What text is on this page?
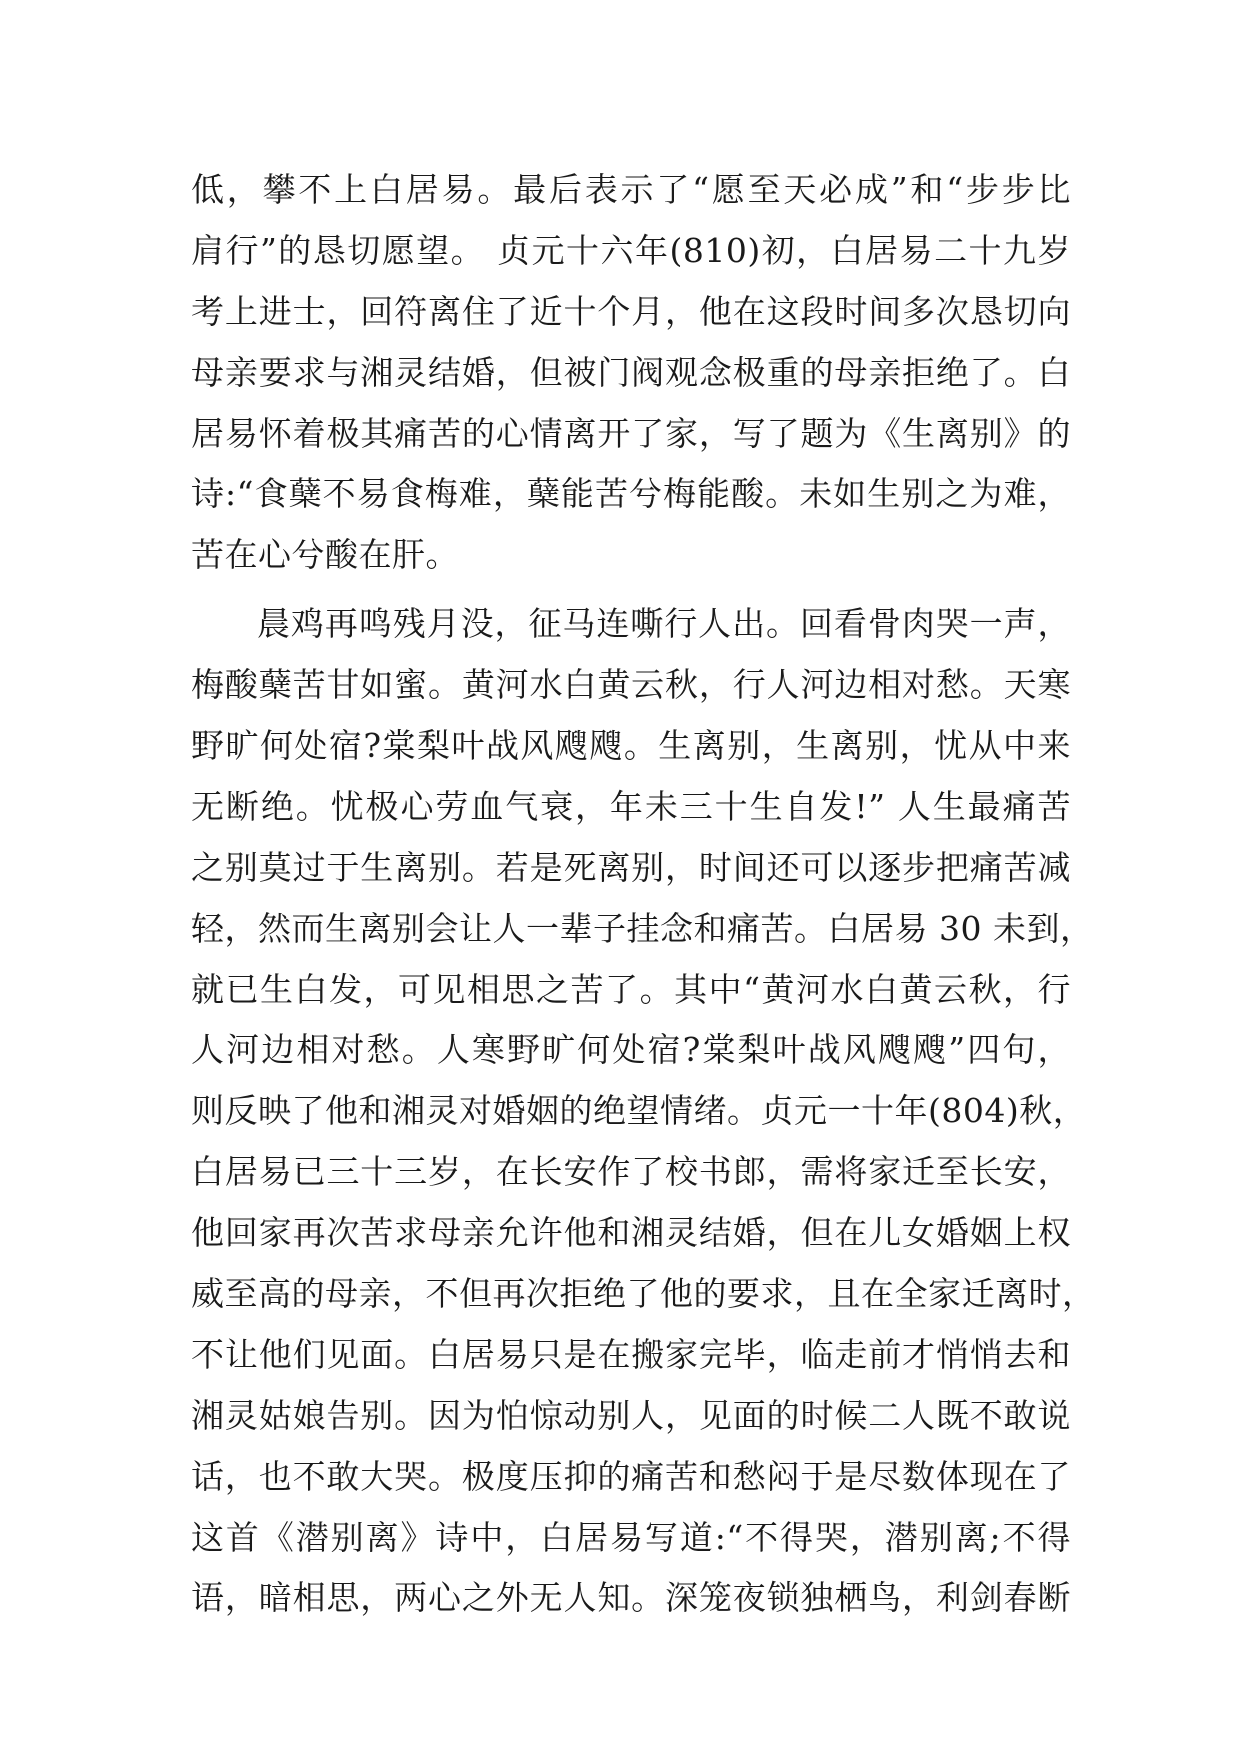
低，攀不上白居易。最后表示了“愿至天必成”和“步步比
肩行”的恳切愿望。 贞元十六年(810)初，白居易二十九岁
考上进士，回符离住了近十个月，他在这段时间多次恳切向
母亲要求与湘灵结婚，但被门阀观念极重的母亲拒绝了。白
居易怀着极其痛苦的心情离开了家，写了题为《生离别》的
诗:“食蘖不易食梅难，蘖能苦兮梅能酸。未如生别之为难，
苦在心兮酸在肝。
晨鸡再鸣残月没，征马连嘶行人出。回看骨肉哭一声，
梅酸蘖苦甘如蜜。黄河水白黄云秋，行人河边相对愁。天寒
野旷何处宿?棠梨叶战风飕飕。生离别，生离别，忧从中来
无断绝。忧极心劳血气衰，年未三十生自发!” 人生最痛苦
之别莫过于生离别。若是死离别，时间还可以逐步把痛苦减
轻，然而生离别会让人一辈子挂念和痛苦。白居易 30 未到，
就已生白发，可见相思之苦了。其中“黄河水白黄云秋，行
人河边相对愁。人寒野旷何处宿?棠梨叶战风飕飕”四句，
则反映了他和湘灵对婚姻的绝望情绪。贞元一十年(804)秋，
白居易已三十三岁，在长安作了校书郎，需将家迁至长安，
他回家再次苦求母亲允许他和湘灵结婚，但在儿女婚姻上权
威至高的母亲，不但再次拒绝了他的要求，且在全家迁离时，
不让他们见面。白居易只是在搬家完毕，临走前才悄悄去和
湘灵姑娘告别。因为怕惊动别人，见面的时候二人既不敢说
话，也不敢大哭。极度压抑的痛苦和愁闷于是尽数体现在了
这首《潜别离》诗中，白居易写道:“不得哭，潜别离;不得
语，暗相思，两心之外无人知。深笼夜锁独栖鸟，利剑春断
